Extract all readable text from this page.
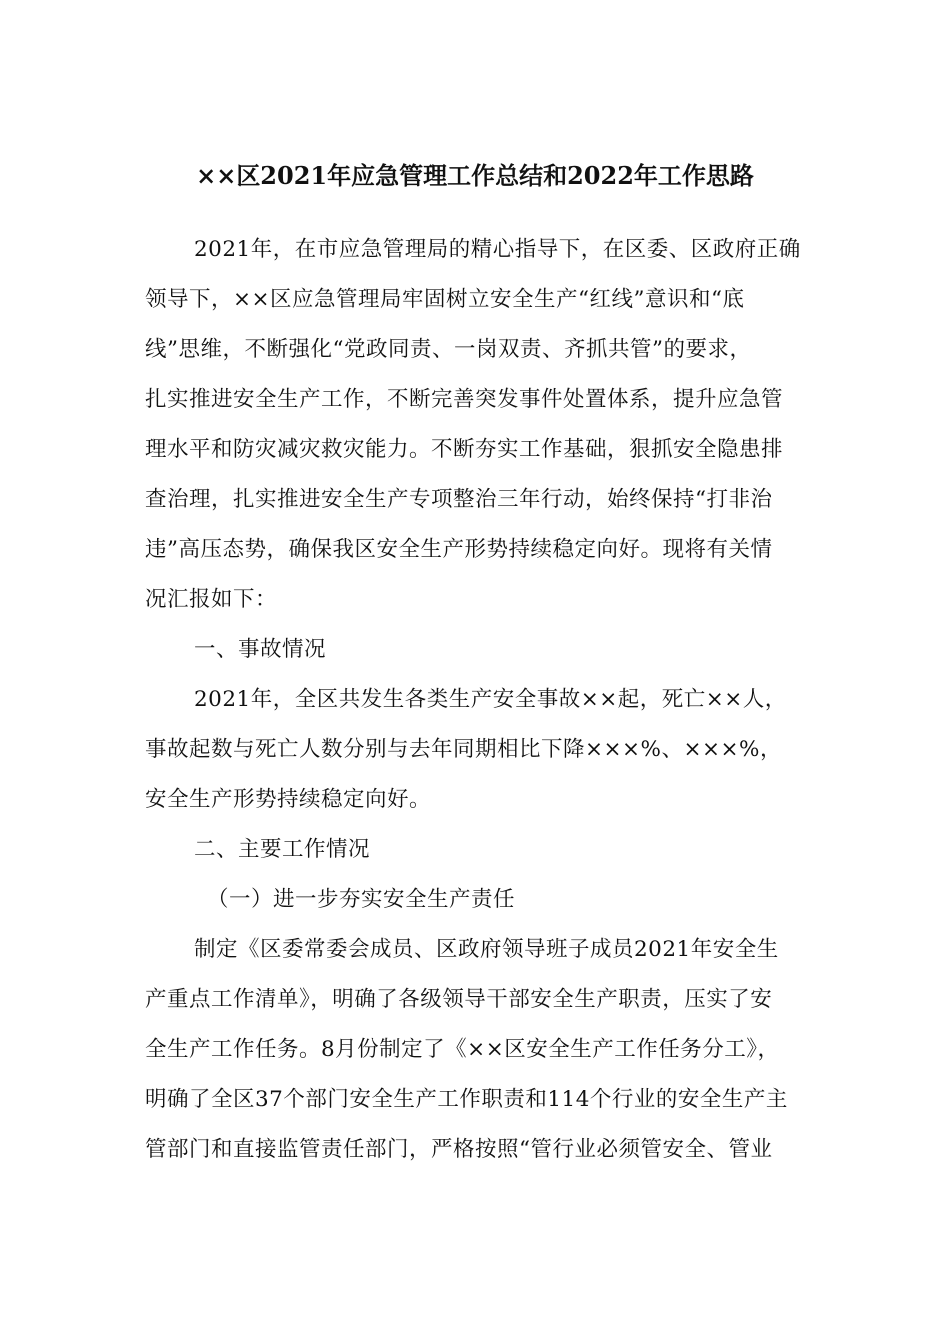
××区2021年应急管理工作总结和2022年工作思路
2021年，在市应急管理局的精心指导下，在区委、区政府正确
领导下，××区应急管理局牢固树立安全生产“红线”意识和“底
线”思维，不断强化“党政同责、一岗双责、齐抓共管”的要求，
扎实推进安全生产工作，不断完善突发事件处置体系，提升应急管
理水平和防灾减灾救灾能力。不断夯实工作基础，狠抓安全隐患排
查治理，扎实推进安全生产专项整治三年行动，始终保持“打非治
违”高压态势，确保我区安全生产形势持续稳定向好。现将有关情
况汇报如下：
一、事故情况
2021年，全区共发生各类生产安全事故××起，死亡××人，
事故起数与死亡人数分别与去年同期相比下降×××%、×××%，
安全生产形势持续稳定向好。
二、主要工作情况
（一）进一步夯实安全生产责任
制定《区委常委会成员、区政府领导班子成员2021年安全生
产重点工作清单》，明确了各级领导干部安全生产职责，压实了安
全生产工作任务。8月份制定了《××区安全生产工作任务分工》，
明确了全区37个部门安全生产工作职责和114个行业的安全生产主
管部门和直接监管责任部门，严格按照“管行业必须管安全、管业
